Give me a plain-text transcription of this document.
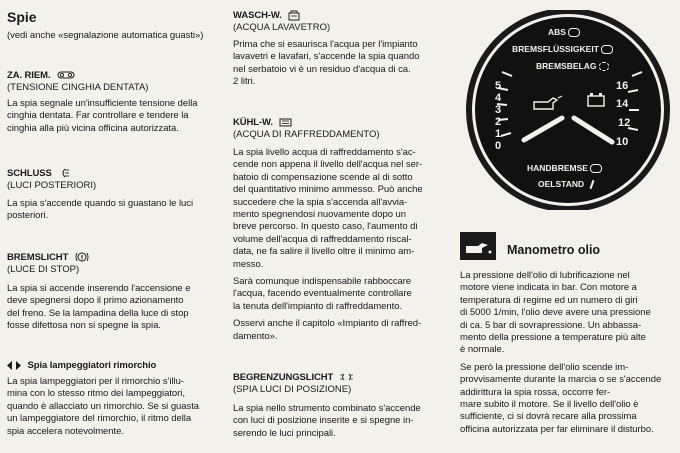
Spie

(vedi anche «segnalazione automatica guasti»)

ZA. RIEM.
(TENSIONE CINGHIA DENTATA)

La spia segnale un'insufficiente tensione della

cinghia dentata. Far controllare e tendere la

cinghia alla più vicina officina autorizzata.

SCHLUSS
(LUCI POSTERIORI)

La spia s'accende quando si guastano le luci

posteriori.

BREMSLICHT !
(LUCE DI STOP)

La spia si accende inserendo l'accensione e

deve spegnersi dopo il primo azionamento

del freno. Se la lampadina della luce di stop

fosse difettosa non si spegne la spia.

Spia lampeggiatori rimorchio

La spia lampeggiatori per il rimorchio s'illu-

mina con lo stesso ritmo dei lampeggiatori,

quando è allacciato un rimorchio. Se si guasta

un lampeggiatore del rimorchio, il ritmo della

spia accelera notevolmente.

WASCH-W.
(ACQUA LAVAVETRO)

Prima che si esaurisca l'acqua per l'impianto

lavavetri e lavafari, s'accende la spia quando

nel serbatoio vi è un residuo d'acqua di ca.

2 litri.

KÜHL-W.
(ACQUA DI RAFFREDDAMENTO)

La spia livello acqua di raffreddamento s'ac-

cende non appena il livello dell'acqua nel ser-

batoio di compensazione scende al di sotto

del quantitativo minimo ammesso. Può anche

succedere che la spia s'accenda all'avvia-

mento spegnendosi nuovamente dopo un

breve percorso. In questo caso, l'aumento di

volume dell'acqua di raffreddamento riscal-

data, ne fa salire il livello oltre il minimo am-

messo.

Sarà comunque indispensabile rabboccare

l'acqua, facendo eventualmente controllare

la tenuta dell'impianto di raffreddamento.

Osservi anche il capitolo «Impianto di raffred-

damento».

BEGRENZUNGSLICHT
(SPIA LUCI DI POSIZIONE)

La spia nello strumento combinato s'accende

con luci di posizione inserite e si spegne in-

serendo le luci principali.

ABS
BREMSFLÜSSIGKEIT
BREMSBELAG
5
4
3
2
1
0
16
14
12
10
HANDBREMSE
OELSTAND
Manometro olio

La pressione dell'olio di lubrificazione nel

motore viene indicata in bar. Con motore a

temperatura di regime ed un numero di giri

di 5000 1/min, l'olio deve avere una pressione

di ca. 5 bar di sovrapressione. Un abbassa-

mento della pressione a temperature più alte

è normale.

Se però la pressione dell'olio scende im-

provvisamente durante la marcia o se s'accende

addirittura la spia rossa, occorre fer-

mare subito il motore. Se il livello dell'olio è

sufficiente, ci si dovrà recare alla prossima

officina autorizzata per far eliminare il disturbo.
